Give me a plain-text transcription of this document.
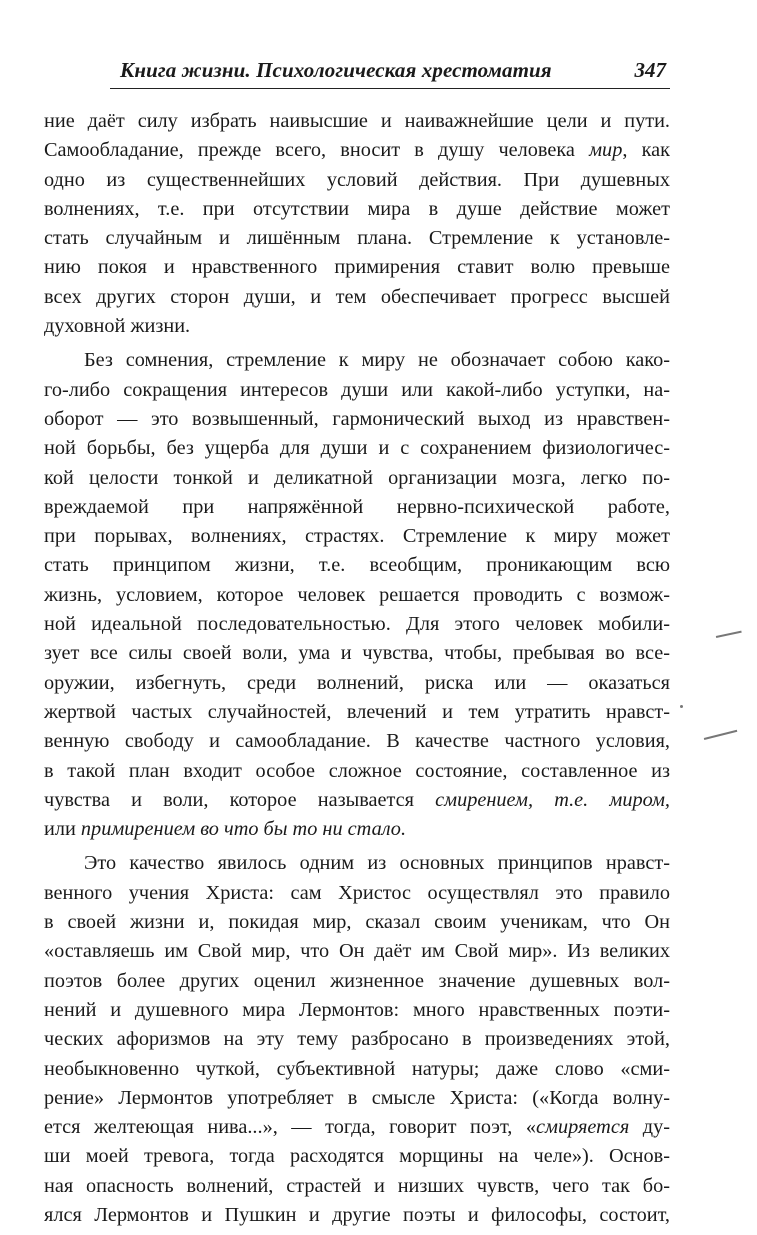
Книга жизни. Психологическая хрестоматия	347
ние даёт силу избрать наивысшие и наиважнейшие цели и пути.
Самообладание, прежде всего, вносит в душу человека мир, как
одно из существеннейших условий действия. При душевных
волнениях, т.е. при отсутствии мира в душе действие может
стать случайным и лишённым плана. Стремление к установле-
нию покоя и нравственного примирения ставит волю превыше
всех других сторон души, и тем обеспечивает прогресс высшей
духовной жизни.
Без сомнения, стремление к миру не обозначает собою како-
го-либо сокращения интересов души или какой-либо уступки, на-
оборот — это возвышенный, гармонический выход из нравствен-
ной борьбы, без ущерба для души и с сохранением физиологичес-
кой целости тонкой и деликатной организации мозга, легко по-
вреждаемой при напряжённой нервно-психической работе,
при порывах, волнениях, страстях. Стремление к миру может
стать принципом жизни, т.е. всеобщим, проникающим всю
жизнь, условием, которое человек решается проводить с возмож-
ной идеальной последовательностью. Для этого человек мобили-
зует все силы своей воли, ума и чувства, чтобы, пребывая во все-
оружии, избегнуть, среди волнений, риска или — оказаться
жертвой частых случайностей, влечений и тем утратить нравст-
венную свободу и самообладание. В качестве частного условия,
в такой план входит особое сложное состояние, составленное из
чувства и воли, которое называется смирением, т.е. миром,
или примирением во что бы то ни стало.
Это качество явилось одним из основных принципов нравст-
венного учения Христа: сам Христос осуществлял это правило
в своей жизни и, покидая мир, сказал своим ученикам, что Он
«оставляешь им Свой мир, что Он даёт им Свой мир». Из великих
поэтов более других оценил жизненное значение душевных вол-
нений и душевного мира Лермонтов: много нравственных поэти-
ческих афоризмов на эту тему разбросано в произведениях этой,
необыкновенно чуткой, субъективной натуры; даже слово «сми-
рение» Лермонтов употребляет в смысле Христа: («Когда волну-
ется желтеющая нива...», — тогда, говорит поэт, «смиряется ду-
ши моей тревога, тогда расходятся морщины на челе»). Основ-
ная опасность волнений, страстей и низших чувств, чего так бо-
ялся Лермонтов и Пушкин и другие поэты и философы, состоит,
